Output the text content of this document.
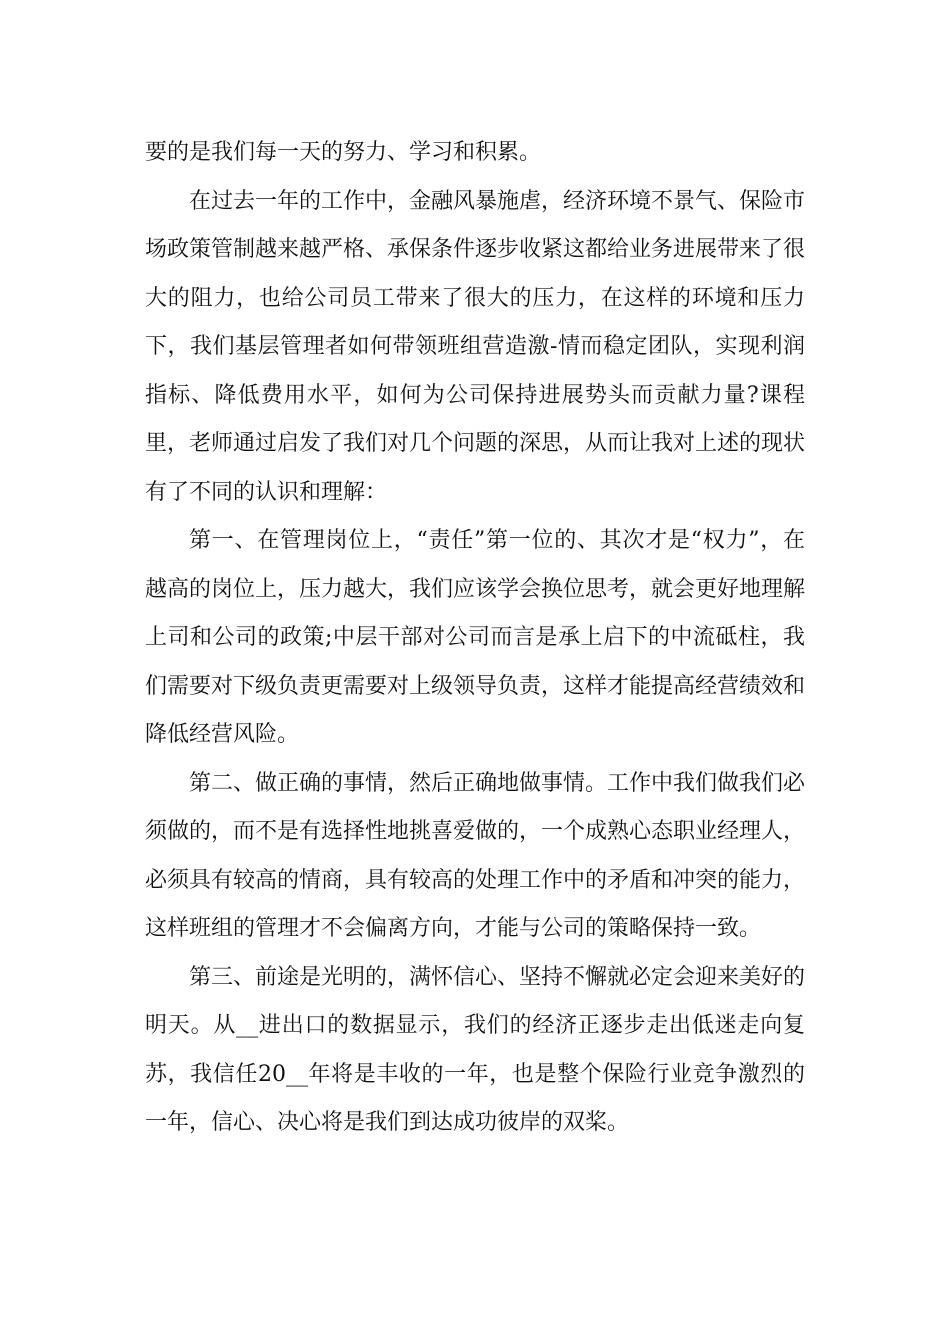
要的是我们每一天的努力、学习和积累。

在过去一年的工作中，金融风暴施虐，经济环境不景气、保险市场政策管制越来越严格、承保条件逐步收紧这都给业务进展带来了很大的阻力，也给公司员工带来了很大的压力，在这样的环境和压力下，我们基层管理者如何带领班组营造激-情而稳定团队，实现利润指标、降低费用水平，如何为公司保持进展势头而贡献力量?课程里，老师通过启发了我们对几个问题的深思，从而让我对上述的现状有了不同的认识和理解：

第一、在管理岗位上，“责任”第一位的、其次才是“权力”，在越高的岗位上，压力越大，我们应该学会换位思考，就会更好地理解上司和公司的政策;中层干部对公司而言是承上启下的中流砥柱，我们需要对下级负责更需要对上级领导负责，这样才能提高经营绩效和降低经营风险。

第二、做正确的事情，然后正确地做事情。工作中我们做我们必须做的，而不是有选择性地挑喜爱做的，一个成熟心态职业经理人，必须具有较高的情商，具有较高的处理工作中的矛盾和冲突的能力，这样班组的管理才不会偏离方向，才能与公司的策略保持一致。

第三、前途是光明的，满怀信心、坚持不懈就必定会迎来美好的明天。从__进出口的数据显示，我们的经济正逐步走出低迷走向复苏，我信任20__年将是丰收的一年，也是整个保险行业竞争激烈的一年，信心、决心将是我们到达成功彼岸的双桨。
